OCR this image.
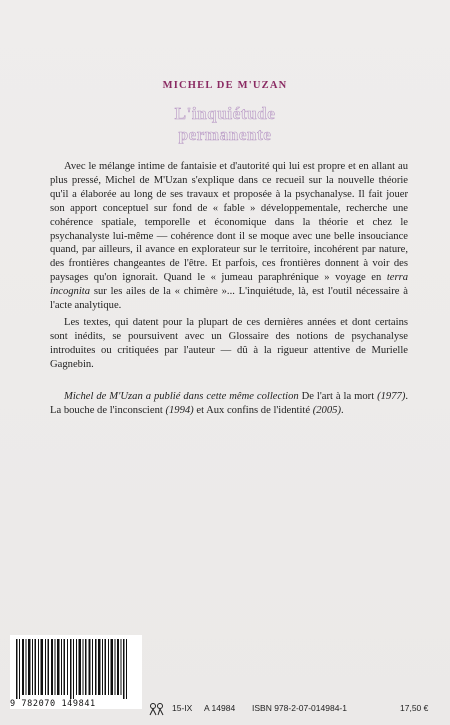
MICHEL DE M'UZAN
L'inquiétude
permanente

Avec le mélange intime de fantaisie et d'autorité qui lui est propre et en allant au plus pressé, Michel de M'Uzan s'explique dans ce recueil sur la nouvelle théorie qu'il a élaborée au long de ses travaux et proposée à la psychanalyse. Il fait jouer son apport conceptuel sur fond de « fable » développementale, recherche une cohérence spatiale, temporelle et économique dans la théorie et chez le psychanalyste lui-même — cohérence dont il se moque avec une belle insouciance quand, par ailleurs, il avance en explorateur sur le territoire, incohérent par nature, des frontières changeantes de l'être. Et parfois, ces frontières donnent à voir des paysages qu'on ignorait. Quand le « jumeau paraphrénique » voyage en terra incognita sur les ailes de la « chimère »... L'inquiétude, là, est l'outil nécessaire à l'acte analytique.

Les textes, qui datent pour la plupart de ces dernières années et dont certains sont inédits, se poursuivent avec un Glossaire des notions de psychanalyse introduites ou critiquées par l'auteur — dû à la rigueur attentive de Murielle Gagnebin.

Michel de M'Uzan a publié dans cette même collection De l'art à la mort (1977). La bouche de l'inconscient (1994) et Aux confins de l'identité (2005).

9 782070 149841	15-IX A 14984 ISBN 978-2-07-014984-1	17,50 €
